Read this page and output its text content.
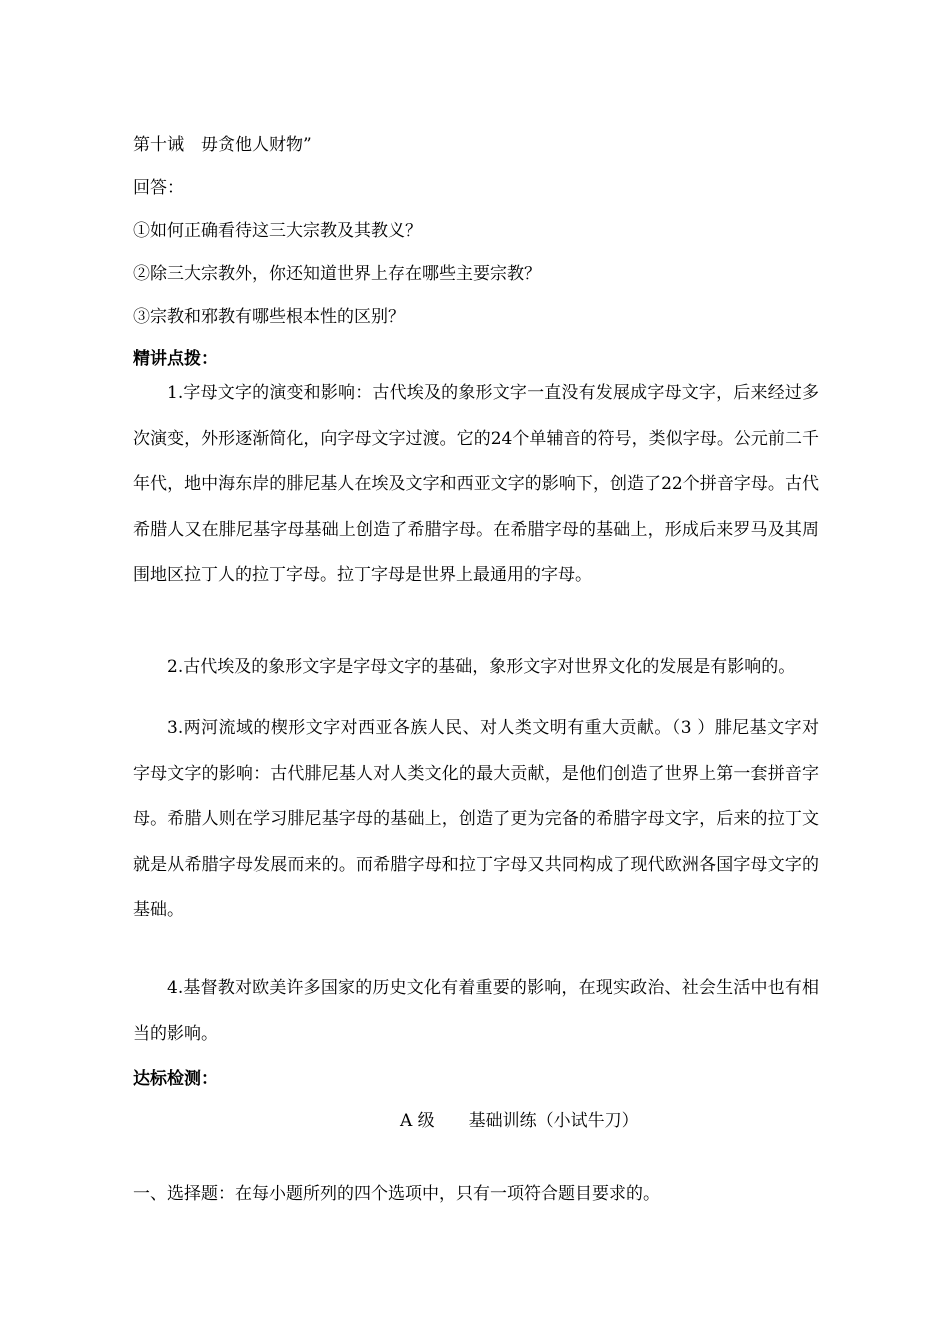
第十诫　毋贪他人财物”
回答：
①如何正确看待这三大宗教及其教义？
②除三大宗教外，你还知道世界上存在哪些主要宗教？
③宗教和邪教有哪些根本性的区别？
精讲点拨：

1.字母文字的演变和影响：古代埃及的象形文字一直没有发展成字母文字，后来经过多次演变，外形逐渐简化，向字母文字过渡。它的24个单辅音的符号，类似字母。公元前二千年代，地中海东岸的腓尼基人在埃及文字和西亚文字的影响下，创造了22个拼音字母。古代希腊人又在腓尼基字母基础上创造了希腊字母。在希腊字母的基础上，形成后来罗马及其周围地区拉丁人的拉丁字母。拉丁字母是世界上最通用的字母。

2.古代埃及的象形文字是字母文字的基础，象形文字对世界文化的发展是有影响的。

3.两河流域的楔形文字对西亚各族人民、对人类文明有重大贡献。（3 ）腓尼基文字对字母文字的影响：古代腓尼基人对人类文化的最大贡献，是他们创造了世界上第一套拼音字母。希腊人则在学习腓尼基字母的基础上，创造了更为完备的希腊字母文字，后来的拉丁文就是从希腊字母发展而来的。而希腊字母和拉丁字母又共同构成了现代欧洲各国字母文字的基础。

4.基督教对欧美许多国家的历史文化有着重要的影响，在现实政治、社会生活中也有相当的影响。

达标检测：
A 级　　基础训练（小试牛刀）
一、选择题：在每小题所列的四个选项中，只有一项符合题目要求的。
